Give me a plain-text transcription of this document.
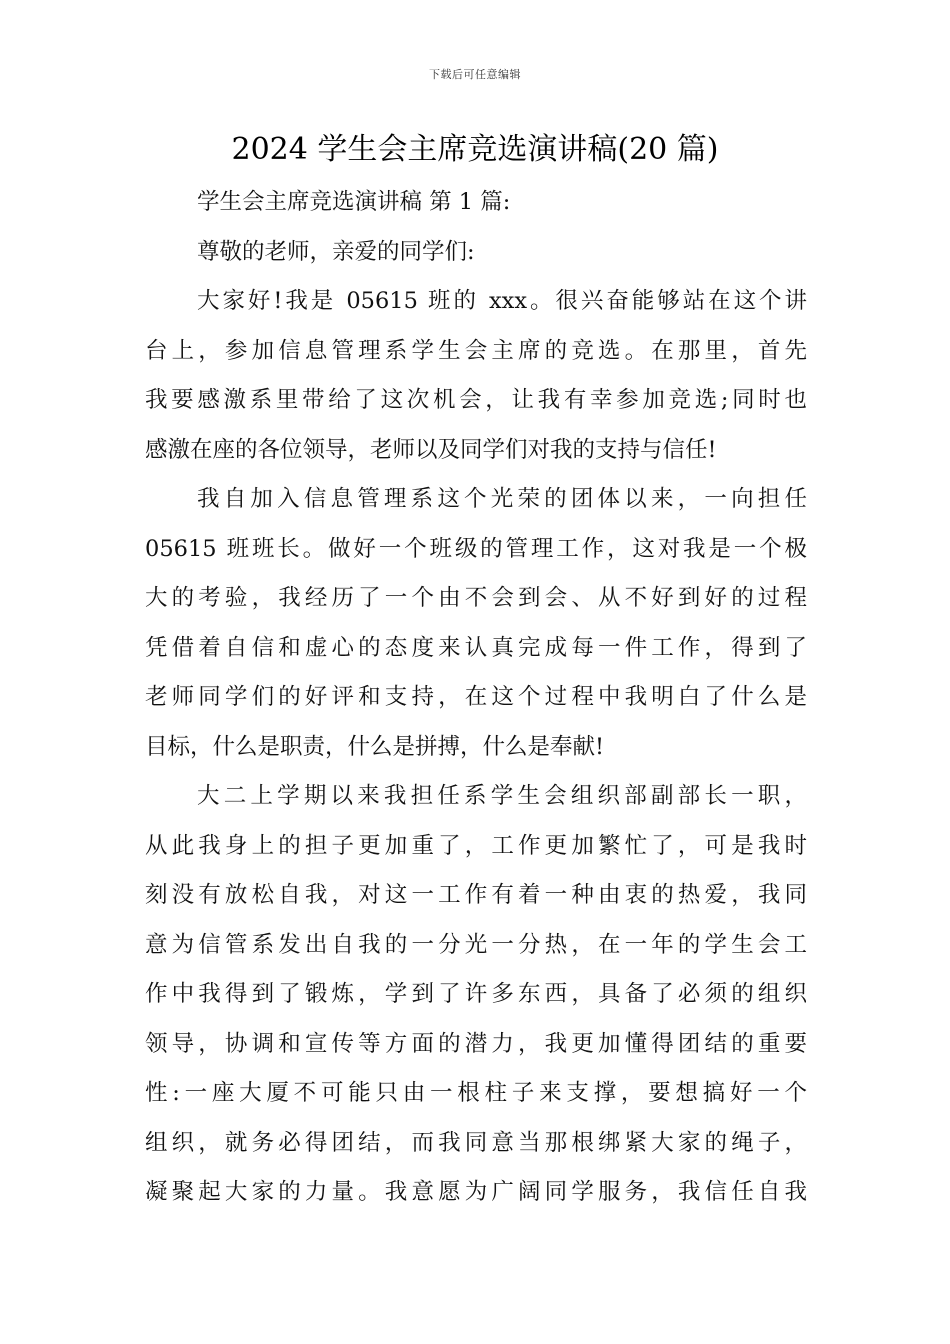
下载后可任意编辑
2024 学生会主席竞选演讲稿(20 篇)
学生会主席竞选演讲稿 第 1 篇:
尊敬的老师，亲爱的同学们:
大家好!我是 05615 班的 xxx。很兴奋能够站在这个讲
台上，参加信息管理系学生会主席的竞选。在那里，首先
我要感激系里带给了这次机会，让我有幸参加竞选;同时也
感激在座的各位领导，老师以及同学们对我的支持与信任!
我自加入信息管理系这个光荣的团体以来，一向担任
05615 班班长。做好一个班级的管理工作，这对我是一个极
大的考验，我经历了一个由不会到会、从不好到好的过程
凭借着自信和虚心的态度来认真完成每一件工作，得到了
老师同学们的好评和支持，在这个过程中我明白了什么是
目标，什么是职责，什么是拼搏，什么是奉献!
大二上学期以来我担任系学生会组织部副部长一职，
从此我身上的担子更加重了，工作更加繁忙了，可是我时
刻没有放松自我，对这一工作有着一种由衷的热爱，我同
意为信管系发出自我的一分光一分热，在一年的学生会工
作中我得到了锻炼，学到了许多东西，具备了必须的组织
领导，协调和宣传等方面的潜力，我更加懂得团结的重要
性:一座大厦不可能只由一根柱子来支撑，要想搞好一个
组织，就务必得团结，而我同意当那根绑紧大家的绳子，
凝聚起大家的力量。我意愿为广阔同学服务，我信任自我
